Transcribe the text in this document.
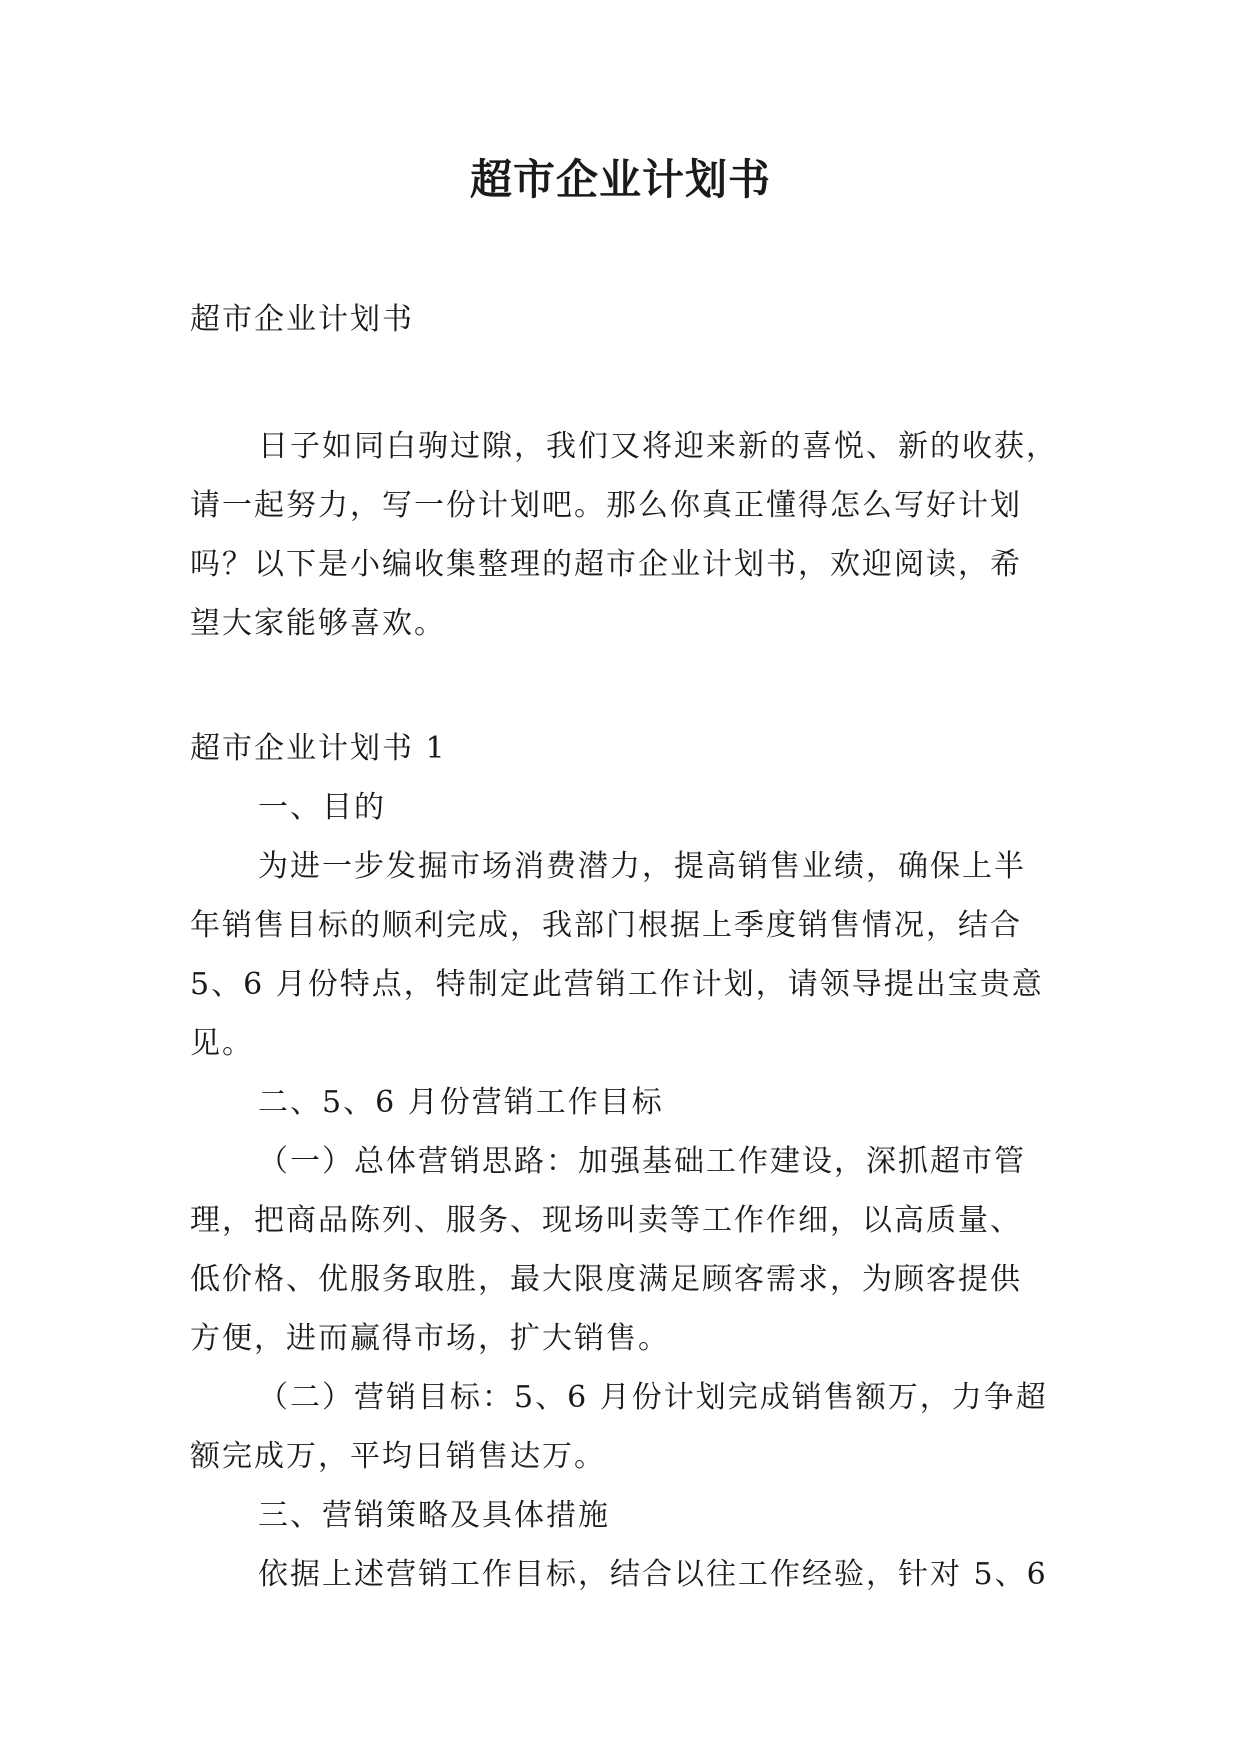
超市企业计划书

超市企业计划书

日子如同白驹过隙，我们又将迎来新的喜悦、新的收获，

请一起努力，写一份计划吧。那么你真正懂得怎么写好计划

吗？以下是小编收集整理的超市企业计划书，欢迎阅读，希

望大家能够喜欢。

超市企业计划书 1

一、目的

为进一步发掘市场消费潜力，提高销售业绩，确保上半

年销售目标的顺利完成，我部门根据上季度销售情况，结合

5、6 月份特点，特制定此营销工作计划，请领导提出宝贵意

见。

二、5、6 月份营销工作目标

（一）总体营销思路：加强基础工作建设，深抓超市管

理，把商品陈列、服务、现场叫卖等工作作细，以高质量、

低价格、优服务取胜，最大限度满足顾客需求，为顾客提供

方便，进而赢得市场，扩大销售。

（二）营销目标：5、6 月份计划完成销售额万，力争超

额完成万，平均日销售达万。

三、营销策略及具体措施

依据上述营销工作目标，结合以往工作经验，针对 5、6
